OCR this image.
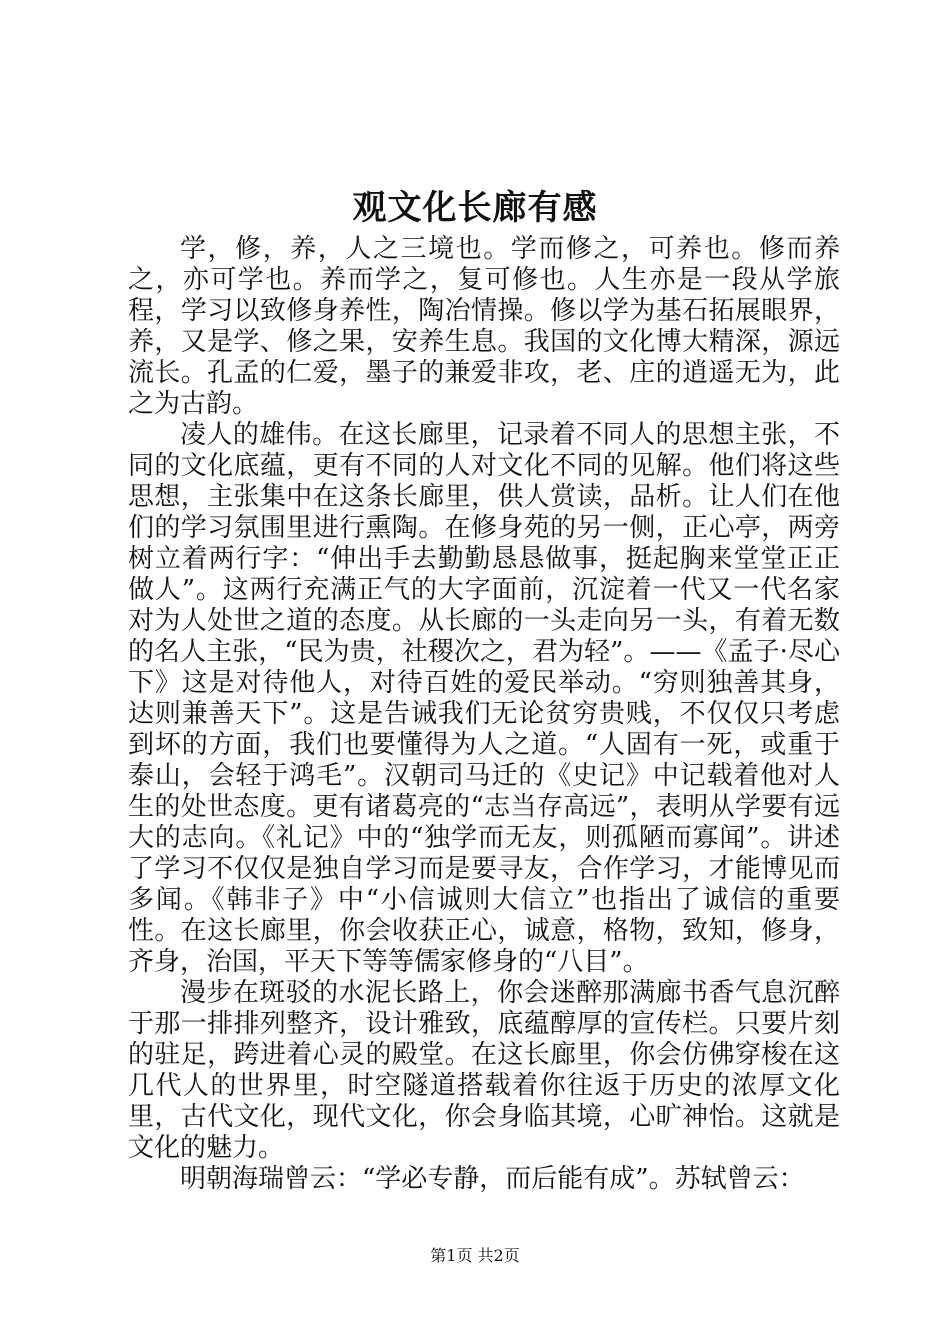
观文化长廊有感

学，修，养，人之三境也。学而修之，可养也。修而养之，亦可学也。养而学之，复可修也。人生亦是一段从学旅程，学习以致修身养性，陶冶情操。修以学为基石拓展眼界，养，又是学、修之果，安养生息。我国的文化博大精深，源远流长。孔孟的仁爱，墨子的兼爱非攻，老、庄的逍遥无为，此之为古韵。

凌人的雄伟。在这长廊里，记录着不同人的思想主张，不同的文化底蕴，更有不同的人对文化不同的见解。他们将这些思想，主张集中在这条长廊里，供人赏读，品析。让人们在他们的学习氛围里进行熏陶。在修身苑的另一侧，正心亭，两旁树立着两行字：“伸出手去勤勤恳恳做事，挺起胸来堂堂正正做人”。这两行充满正气的大字面前，沉淀着一代又一代名家对为人处世之道的态度。从长廊的一头走向另一头，有着无数的名人主张，“民为贵，社稷次之，君为轻”。——《孟子·尽心下》这是对待他人，对待百姓的爱民举动。“穷则独善其身，达则兼善天下”。这是告诫我们无论贫穷贵贱，不仅仅只考虑到坏的方面，我们也要懂得为人之道。“人固有一死，或重于泰山，会轻于鸿毛”。汉朝司马迁的《史记》中记载着他对人生的处世态度。更有诸葛亮的“志当存高远”，表明从学要有远大的志向。《礼记》中的“独学而无友，则孤陋而寡闻”。讲述了学习不仅仅是独自学习而是要寻友，合作学习，才能博见而多闻。《韩非子》中“小信诚则大信立”也指出了诚信的重要性。在这长廊里，你会收获正心，诚意，格物，致知，修身，齐身，治国，平天下等等儒家修身的“八目”。

漫步在斑驳的水泥长路上，你会迷醉那满廊书香气息沉醉于那一排排列整齐，设计雅致，底蕴醇厚的宣传栏。只要片刻的驻足，跨进着心灵的殿堂。在这长廊里，你会仿佛穿梭在这几代人的世界里，时空隧道搭载着你往返于历史的浓厚文化里，古代文化，现代文化，你会身临其境，心旷神怡。这就是文化的魅力。

明朝海瑞曾云：“学必专静，而后能有成”。苏轼曾云：

第1页 共2页
